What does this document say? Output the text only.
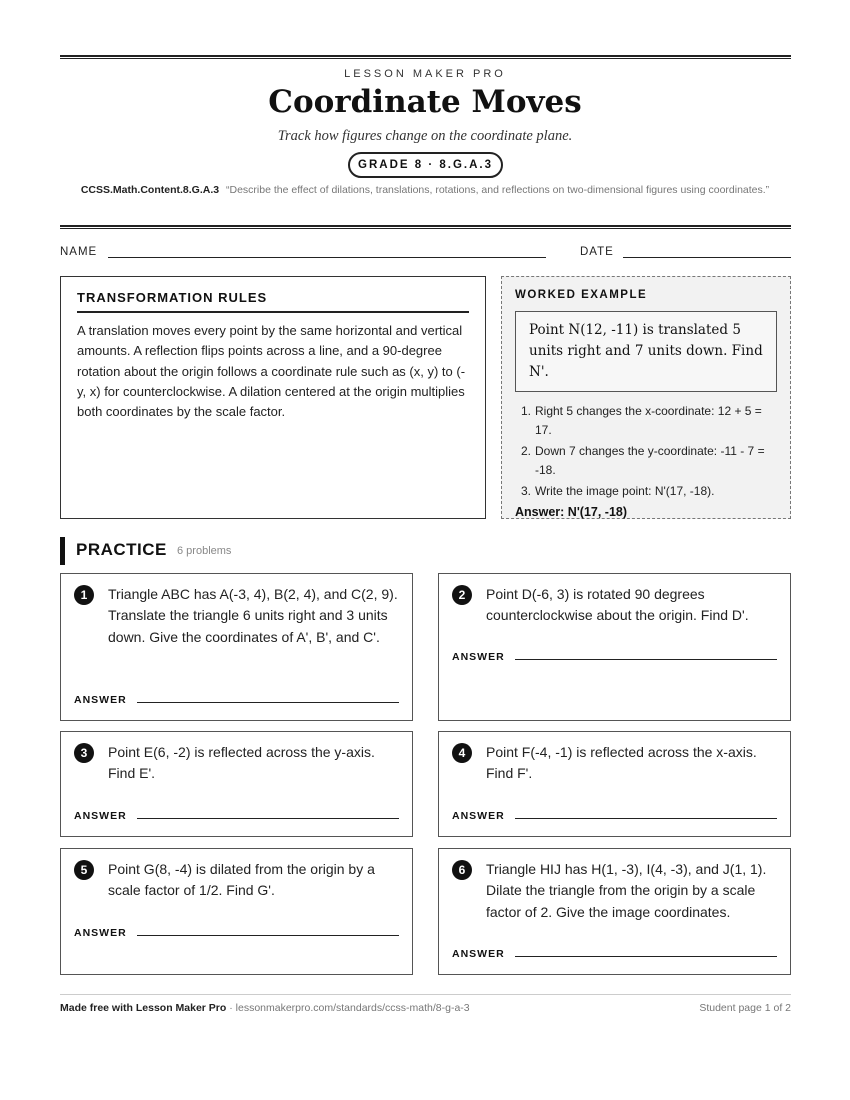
LESSON MAKER PRO
Coordinate Moves
Track how figures change on the coordinate plane.
GRADE 8 · 8.G.A.3
CCSS.Math.Content.8.G.A.3 “Describe the effect of dilations, translations, rotations, and reflections on two-dimensional figures using coordinates.”
NAME	DATE
TRANSFORMATION RULES
A translation moves every point by the same horizontal and vertical amounts. A reflection flips points across a line, and a 90-degree rotation about the origin follows a coordinate rule such as (x, y) to (-y, x) for counterclockwise. A dilation centered at the origin multiplies both coordinates by the scale factor.
WORKED EXAMPLE
Point N(12, -11) is translated 5 units right and 7 units down. Find N'.
1. Right 5 changes the x-coordinate: 12 + 5 = 17.
2. Down 7 changes the y-coordinate: -11 - 7 = -18.
3. Write the image point: N'(17, -18).
Answer: N'(17, -18)
PRACTICE 6 problems
1	Triangle ABC has A(-3, 4), B(2, 4), and C(2, 9). Translate the triangle 6 units right and 3 units down. Give the coordinates of A', B', and C'.
ANSWER
2	Point D(-6, 3) is rotated 90 degrees counterclockwise about the origin. Find D'.
ANSWER
3	Point E(6, -2) is reflected across the y-axis. Find E'.
ANSWER
4	Point F(-4, -1) is reflected across the x-axis. Find F'.
ANSWER
5	Point G(8, -4) is dilated from the origin by a scale factor of 1/2. Find G'.
ANSWER
6	Triangle HIJ has H(1, -3), I(4, -3), and J(1, 1). Dilate the triangle from the origin by a scale factor of 2. Give the image coordinates.
ANSWER
Made free with Lesson Maker Pro · lessonmakerpro.com/standards/ccss-math/8-g-a-3	Student page 1 of 2
